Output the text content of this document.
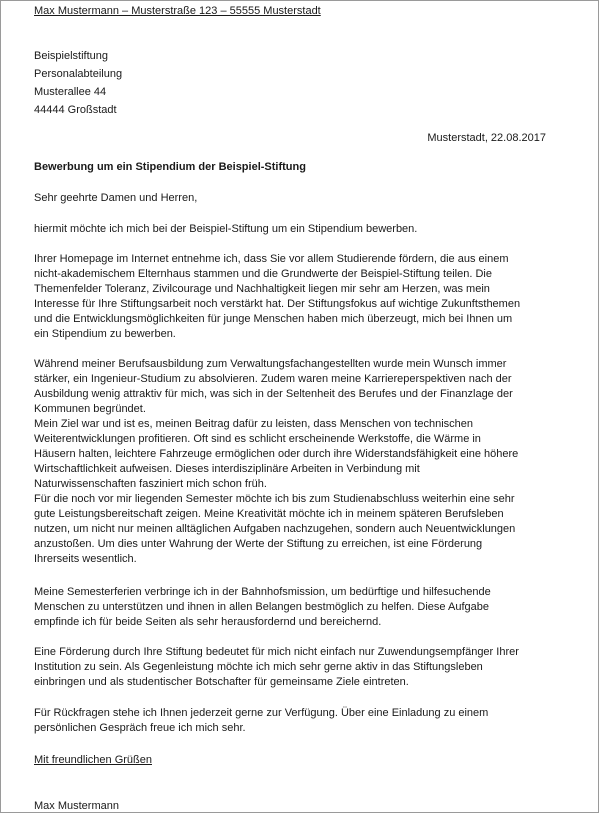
Max Mustermann – Musterstraße 123 – 55555 Musterstadt
Beispielstiftung
Personalabteilung
Musterallee 44
44444 Großstadt
Musterstadt, 22.08.2017
Bewerbung um ein Stipendium der Beispiel-Stiftung
Sehr geehrte Damen und Herren,
hiermit möchte ich mich bei der Beispiel-Stiftung um ein Stipendium bewerben.
Ihrer Homepage im Internet entnehme ich, dass Sie vor allem Studierende fördern, die aus einem
nicht-akademischem Elternhaus stammen und die Grundwerte der Beispiel-Stiftung teilen. Die
Themenfelder Toleranz, Zivilcourage und Nachhaltigkeit liegen mir sehr am Herzen, was mein
Interesse für Ihre Stiftungsarbeit noch verstärkt hat. Der Stiftungsfokus auf wichtige Zukunftsthemen
und die Entwicklungsmöglichkeiten für junge Menschen haben mich überzeugt, mich bei Ihnen um
ein Stipendium zu bewerben.
Während meiner Berufsausbildung zum Verwaltungsfachangestellten wurde mein Wunsch immer
stärker, ein Ingenieur-Studium zu absolvieren. Zudem waren meine Karriereperspektiven nach der
Ausbildung wenig attraktiv für mich, was sich in der Seltenheit des Berufes und der Finanzlage der
Kommunen begründet.
Mein Ziel war und ist es, meinen Beitrag dafür zu leisten, dass Menschen von technischen
Weiterentwicklungen profitieren. Oft sind es schlicht erscheinende Werkstoffe, die Wärme in
Häusern halten, leichtere Fahrzeuge ermöglichen oder durch ihre Widerstandsfähigkeit eine höhere
Wirtschaftlichkeit aufweisen. Dieses interdisziplinäre Arbeiten in Verbindung mit
Naturwissenschaften fasziniert mich schon früh.
Für die noch vor mir liegenden Semester möchte ich bis zum Studienabschluss weiterhin eine sehr
gute Leistungsbereitschaft zeigen. Meine Kreativität möchte ich in meinem späteren Berufsleben
nutzen, um nicht nur meinen alltäglichen Aufgaben nachzugehen, sondern auch Neuentwicklungen
anzustoßen. Um dies unter Wahrung der Werte der Stiftung zu erreichen, ist eine Förderung
Ihrerseits wesentlich.
Meine Semesterferien verbringe ich in der Bahnhofsmission, um bedürftige und hilfesuchende
Menschen zu unterstützen und ihnen in allen Belangen bestmöglich zu helfen. Diese Aufgabe
empfinde ich für beide Seiten als sehr herausfordernd und bereichernd.
Eine Förderung durch Ihre Stiftung bedeutet für mich nicht einfach nur Zuwendungsempfänger Ihrer
Institution zu sein. Als Gegenleistung möchte ich mich sehr gerne aktiv in das Stiftungsleben
einbringen und als studentischer Botschafter für gemeinsame Ziele eintreten.
Für Rückfragen stehe ich Ihnen jederzeit gerne zur Verfügung. Über eine Einladung zu einem
persönlichen Gespräch freue ich mich sehr.
Mit freundlichen Grüßen
Max Mustermann
